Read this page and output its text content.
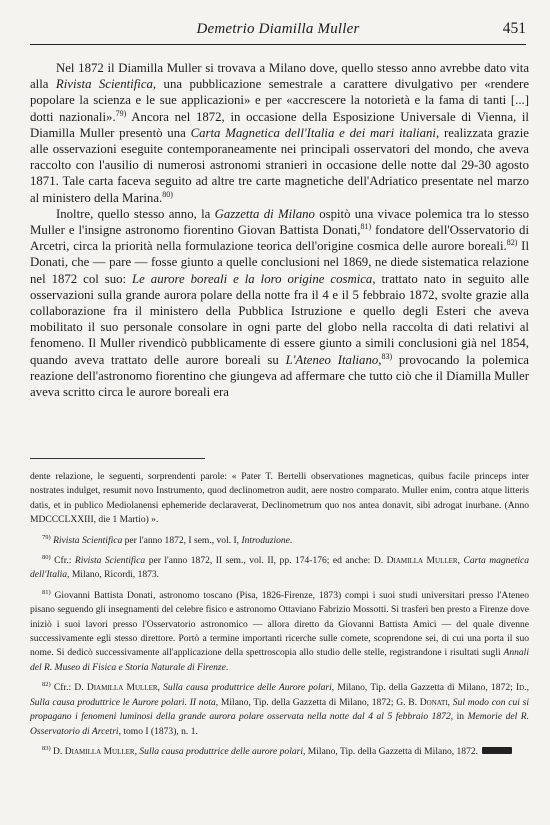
Demetrio Diamilla Muller	451

Nel 1872 il Diamilla Muller si trovava a Milano dove, quello stesso anno avrebbe dato vita alla Rivista Scientifica, una pubblicazione semestrale a carattere divulgativo per «rendere popolare la scienza e le sue applicazioni» e per «accrescere la notorietà e la fama di tanti [...] dotti nazionali».$^{79)}$ Ancora nel 1872, in occasione della Esposizione Universale di Vienna, il Diamilla Muller presentò una Carta Magnetica dell'Italia e dei mari italiani, realizzata grazie alle osservazioni eseguite contemporaneamente nei principali osservatori del mondo, che aveva raccolto con l'ausilio di numerosi astronomi stranieri in occasione delle notte dal 29-30 agosto 1871. Tale carta faceva seguito ad altre tre carte magnetiche dell'Adriatico presentate nel marzo al ministero della Marina.$^{80)}$

Inoltre, quello stesso anno, la Gazzetta di Milano ospitò una vivace polemica tra lo stesso Muller e l'insigne astronomo fiorentino Giovan Battista Donati,$^{81)}$ fondatore dell'Osservatorio di Arcetri, circa la priorità nella formulazione teorica dell'origine cosmica delle aurore boreali.$^{82)}$ Il Donati, che — pare — fosse giunto a quelle conclusioni nel 1869, ne diede sistematica relazione nel 1872 col suo: Le aurore boreali e la loro origine cosmica, trattato nato in seguito alle osservazioni sulla grande aurora polare della notte fra il 4 e il 5 febbraio 1872, svolte grazie alla collaborazione fra il ministero della Pubblica Istruzione e quello degli Esteri che aveva mobilitato il suo personale consolare in ogni parte del globo nella raccolta di dati relativi al fenomeno. Il Muller rivendicò pubblicamente di essere giunto a simili conclusioni già nel 1854, quando aveva trattato delle aurore boreali su L'Ateneo Italiano,$^{83)}$ provocando la polemica reazione dell'astronomo fiorentino che giungeva ad affermare che tutto ciò che il Diamilla Muller aveva scritto circa le aurore boreali era

dente relazione, le seguenti, sorprendenti parole: « Pater T. Bertelli observationes magneticas, quibus facile princeps inter nostrates indulget, resumit novo Instrumento, quod declinometron audit, aere nostro comparato. Muller enim, contra atque litteris datis, et in publico Mediolanensi ephemeride declaraverat, Declinometrum quo nos antea donavit, sibi adrogat inurbane. (Anno MDCCCLXXIII, die 1 Martio) ».

$^{79)}$ Rivista Scientifica per l'anno 1872, I sem., vol. I, Introduzione.

$^{80)}$ Cfr.: Rivista Scientifica per l'anno 1872, II sem., vol. II, pp. 174-176; ed anche: D. Diamilla Muller, Carta magnetica dell'Italia, Milano, Ricordi, 1873.

$^{81)}$ Giovanni Battista Donati, astronomo toscano (Pisa, 1826-Firenze, 1873) compì i suoi studi universitari presso l'Ateneo pisano seguendo gli insegnamenti del celebre fisico e astronomo Ottaviano Fabrizio Mossotti. Si trasferì ben presto a Firenze dove iniziò i suoi lavori presso l'Osservatorio astronomico — allora diretto da Giovanni Battista Amici — del quale divenne successivamente egli stesso direttore. Portò a termine importanti ricerche sulle comete, scoprendone sei, di cui una porta il suo nome. Si dedicò successivamente all'applicazione della spettroscopia allo studio delle stelle, registrandone i risultati sugli Annali del R. Museo di Fisica e Storia Naturale di Firenze.

$^{82)}$ Cfr.: D. Diamilla Muller, Sulla causa produttrice delle Aurore polari, Milano, Tip. della Gazzetta di Milano, 1872; Id., Sulla causa produttrice le Aurore polari. II nota, Milano, Tip. della Gazzetta di Milano, 1872; G. B. Donati, Sul modo con cui si propagano i fenomeni luminosi della grande aurora polare osservata nella notte dal 4 al 5 febbraio 1872, in Memorie del R. Osservatorio di Arcetri, tomo I (1873), n. 1.

$^{83)}$ D. Diamilla Muller, Sulla causa produttrice delle aurore polari, Milano, Tip. della Gazzetta di Milano, 1872.
